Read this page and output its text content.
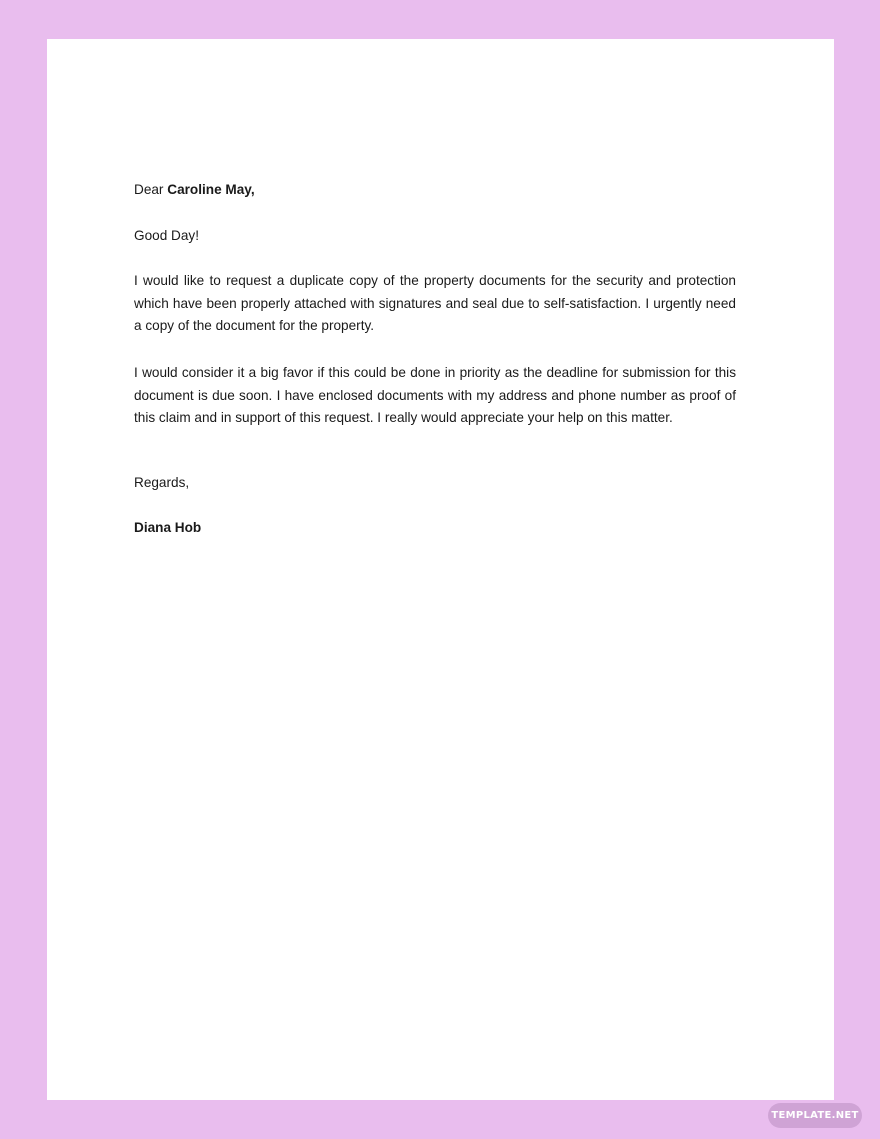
Dear Caroline May,

Good Day!

I would like to request a duplicate copy of the property documents for the security and protection which have been properly attached with signatures and seal due to self-satisfaction. I urgently need a copy of the document for the property.

I would consider it a big favor if this could be done in priority as the deadline for submission for this document is due soon. I have enclosed documents with my address and phone number as proof of this claim and in support of this request. I really would appreciate your help on this matter.

Regards,

Diana Hob

TEMPLATE.NET
